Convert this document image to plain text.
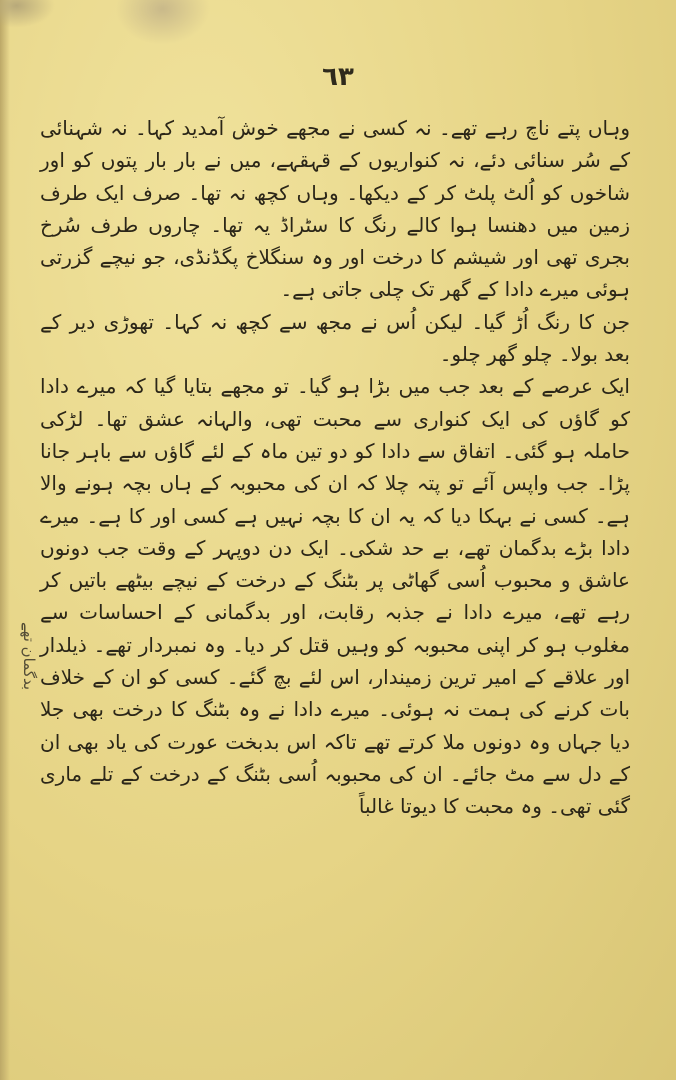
٦٣

وہاں پتے ناچ رہے تھے۔ نہ کسی نے مجھے خوش آمدید کہا۔ نہ شہنائی کے سُر سنائی دئے، نہ کنواریوں کے قہقہے، میں نے بار بار پتوں کو اور شاخوں کو اُلٹ پلٹ کر کے دیکھا۔ وہاں کچھ نہ تھا۔ صرف ایک طرف زمین میں دھنسا ہوا کالے رنگ کا سٹراڈ یہ تھا۔ چاروں طرف سُرخ بجری تھی اور شیشم کا درخت اور وہ سنگلاخ پگڈنڈی، جو نیچے گزرتی ہوئی میرے دادا کے گھر تک چلی جاتی ہے۔

جن کا رنگ اُڑ گیا۔ لیکن اُس نے مجھ سے کچھ نہ کہا۔ تھوڑی دیر کے بعد بولا۔ چلو گھر چلو۔

ایک عرصے کے بعد جب میں بڑا ہو گیا۔ تو مجھے بتایا گیا کہ میرے دادا کو گاؤں کی ایک کنواری سے محبت تھی، والہانہ عشق تھا۔ لڑکی حاملہ ہو گئی۔ اتفاق سے دادا کو دو تین ماہ کے لئے گاؤں سے باہر جانا پڑا۔ جب واپس آئے تو پتہ چلا کہ ان کی محبوبہ کے ہاں بچہ ہونے والا ہے۔ کسی نے بہکا دیا کہ یہ ان کا بچہ نہیں ہے کسی اور کا ہے۔ میرے دادا بڑے بدگمان تھے، بے حد شکی۔ ایک دن دوپہر کے وقت جب دونوں عاشق و محبوب اُسی گھاٹی پر بٹنگ کے درخت کے نیچے بیٹھے باتیں کر رہے تھے، میرے دادا نے جذبہ رقابت، اور بدگمانی کے احساسات سے مغلوب ہو کر اپنی محبوبہ کو وہیں قتل کر دیا۔ وہ نمبردار تھے۔ ذیلدار اور علاقے کے امیر ترین زمیندار، اس لئے بچ گئے۔ کسی کو ان کے خلاف بات کرنے کی ہمت نہ ہوئی۔ میرے دادا نے وہ بٹنگ کا درخت بھی جلا دیا جہاں وہ دونوں ملا کرتے تھے تاکہ اس بدبخت عورت کی یاد بھی ان کے دل سے مٹ جائے۔ ان کی محبوبہ اُسی بٹنگ کے درخت کے تلے ماری گئی تھی۔ وہ محبت کا دیوتا غالباً

بدگمان تھے
